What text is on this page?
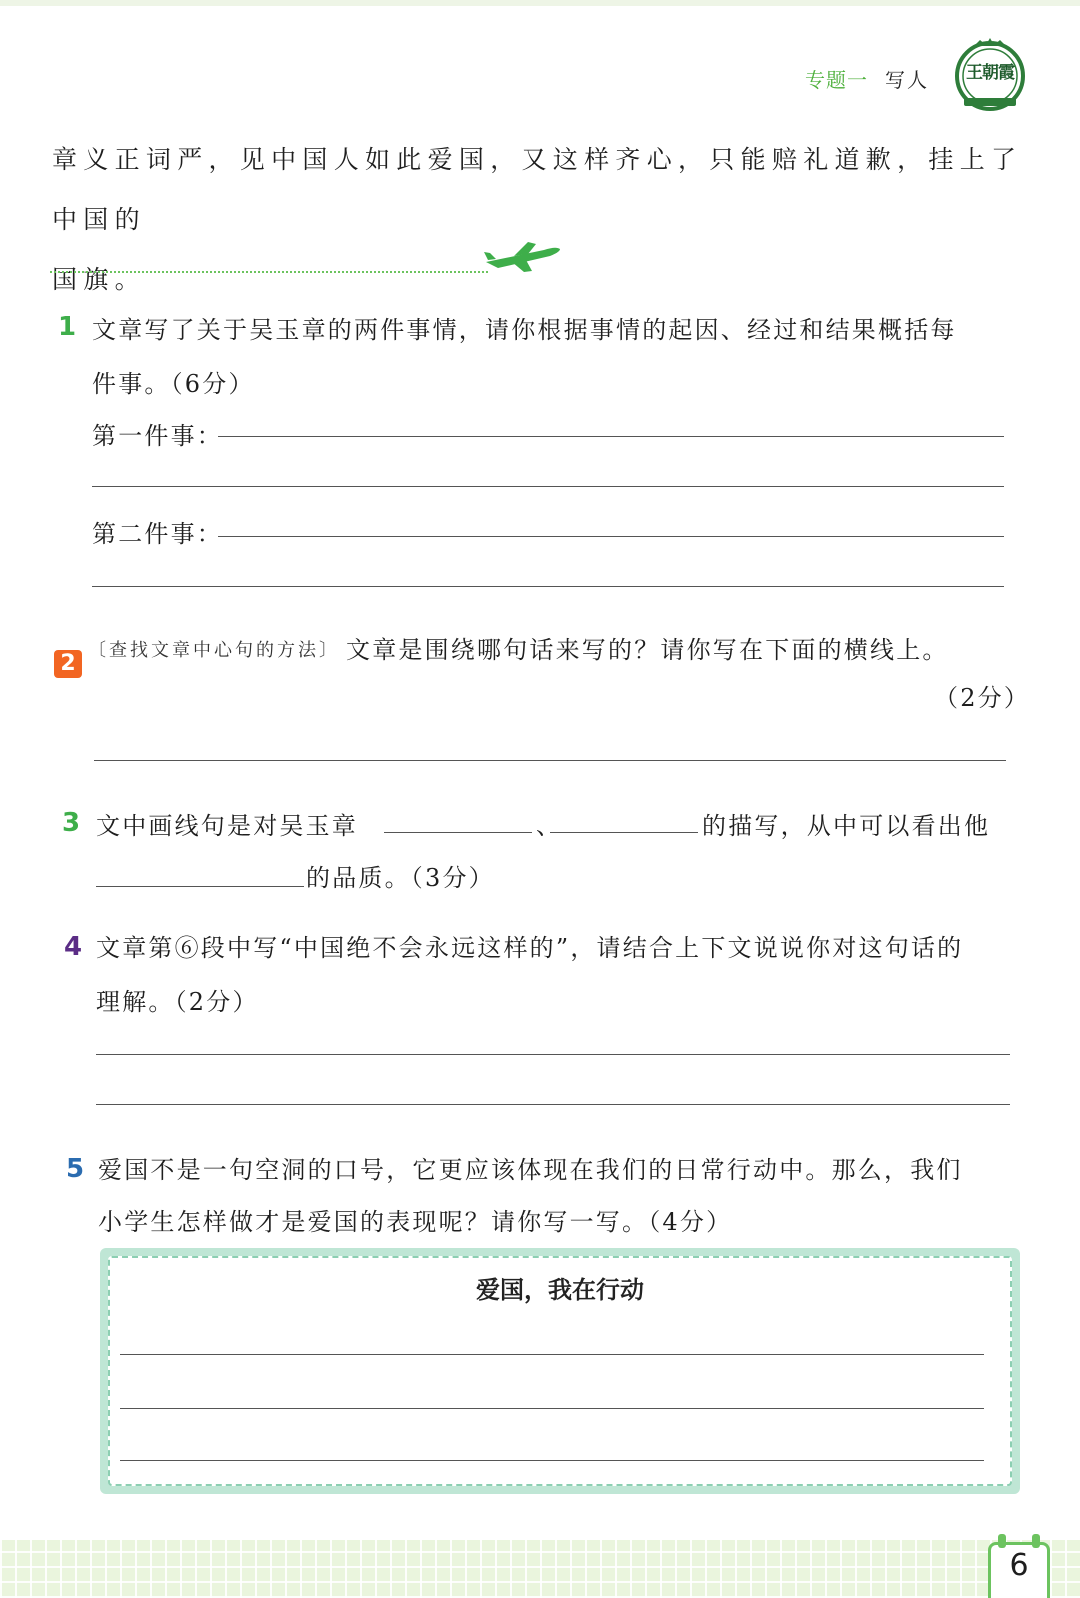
专题一 写人	王朝霞
章义正词严，见中国人如此爱国，又这样齐心，只能赔礼道歉，挂上了中国的
国旗。
1 文章写了关于吴玉章的两件事情，请你根据事情的起因、经过和结果概括每
件事。（6分）
第一件事：
第二件事：
2
〔查找文章中心句的方法〕 文章是围绕哪句话来写的？请你写在下面的横线上。
（2分）
3 文中画线句是对吴玉章	、	的描写，从中可以看出他
的品质。（3分）
4 文章第⑥段中写“中国绝不会永远这样的”，请结合上下文说说你对这句话的
理解。（2分）
5 爱国不是一句空洞的口号，它更应该体现在我们的日常行动中。那么，我们
小学生怎样做才是爱国的表现呢？请你写一写。（4分）
爱国，我在行动
6
